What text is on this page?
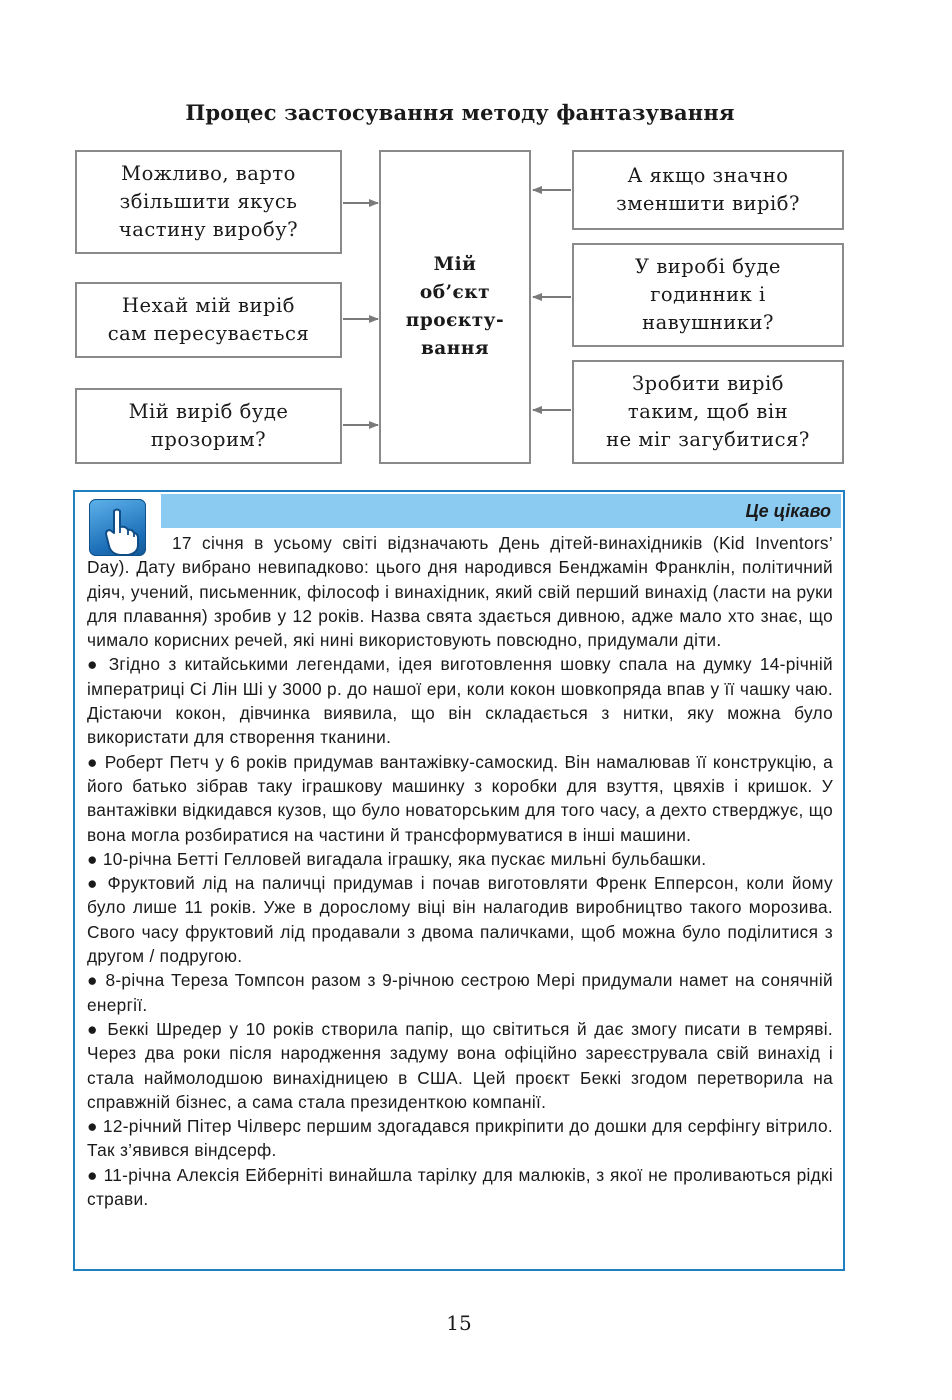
Процес застосування методу фантазування
Можливо, варто
збільшити якусь
частину виробу?
Нехай мій виріб
сам пересувається
Мій виріб буде
прозорим?
Мій
об’єкт
проєкту-
вання
А якщо значно
зменшити виріб?
У виробі буде
годинник і
навушники?
Зробити виріб
таким, щоб він
не міг загубитися?
Це цікаво

17 січня в усьому світі відзначають День дітей-винахідників (Kid Inventors’ Day). Дату вибрано невипадково: цього дня народився Бенджамін Франклін, політичний діяч, учений, письменник, філософ і винахідник, який свій перший винахід (ласти на руки для плавання) зробив у 12 років. Назва свята здається дивною, адже мало хто знає, що чимало корисних речей, які нині використовують повсюдно, придумали діти.

● Згідно з китайськими легендами, ідея виготовлення шовку спала на думку 14-річній імператриці Сі Лін Ші у 3000 р. до нашої ери, коли кокон шовкопряда впав у її чашку чаю. Дістаючи кокон, дівчинка виявила, що він складається з нитки, яку можна було використати для створення тканини.

● Роберт Петч у 6 років придумав вантажівку-самоскид. Він намалював її конструкцію, а його батько зібрав таку іграшкову машинку з коробки для взуття, цвяхів і кришок. У вантажівки відкидався кузов, що було новаторським для того часу, а дехто стверджує, що вона могла розбиратися на частини й трансформуватися в інші машини.

● 10-річна Бетті Гелловей вигадала іграшку, яка пускає мильні бульбашки.

● Фруктовий лід на паличці придумав і почав виготовляти Френк Епперсон, коли йому було лише 11 років. Уже в дорослому віці він налагодив виробництво такого морозива. Свого часу фруктовий лід продавали з двома паличками, щоб можна було поділитися з другом / подругою.

● 8-річна Тереза Томпсон разом з 9-річною сестрою Мері придумали намет на сонячній енергії.

● Беккі Шредер у 10 років створила папір, що світиться й дає змогу писати в темряві. Через два роки після народження задуму вона офіційно зареєструвала свій винахід і стала наймолодшою винахідницею в США. Цей проєкт Беккі згодом перетворила на справжній бізнес, а сама стала президенткою компанії.

● 12-річний Пітер Чілверс першим здогадався прикріпити до дошки для серфінгу вітрило. Так з’явився віндсерф.

● 11-річна Алексія Ейберніті винайшла тарілку для малюків, з якої не проливаються рідкі страви.

15
